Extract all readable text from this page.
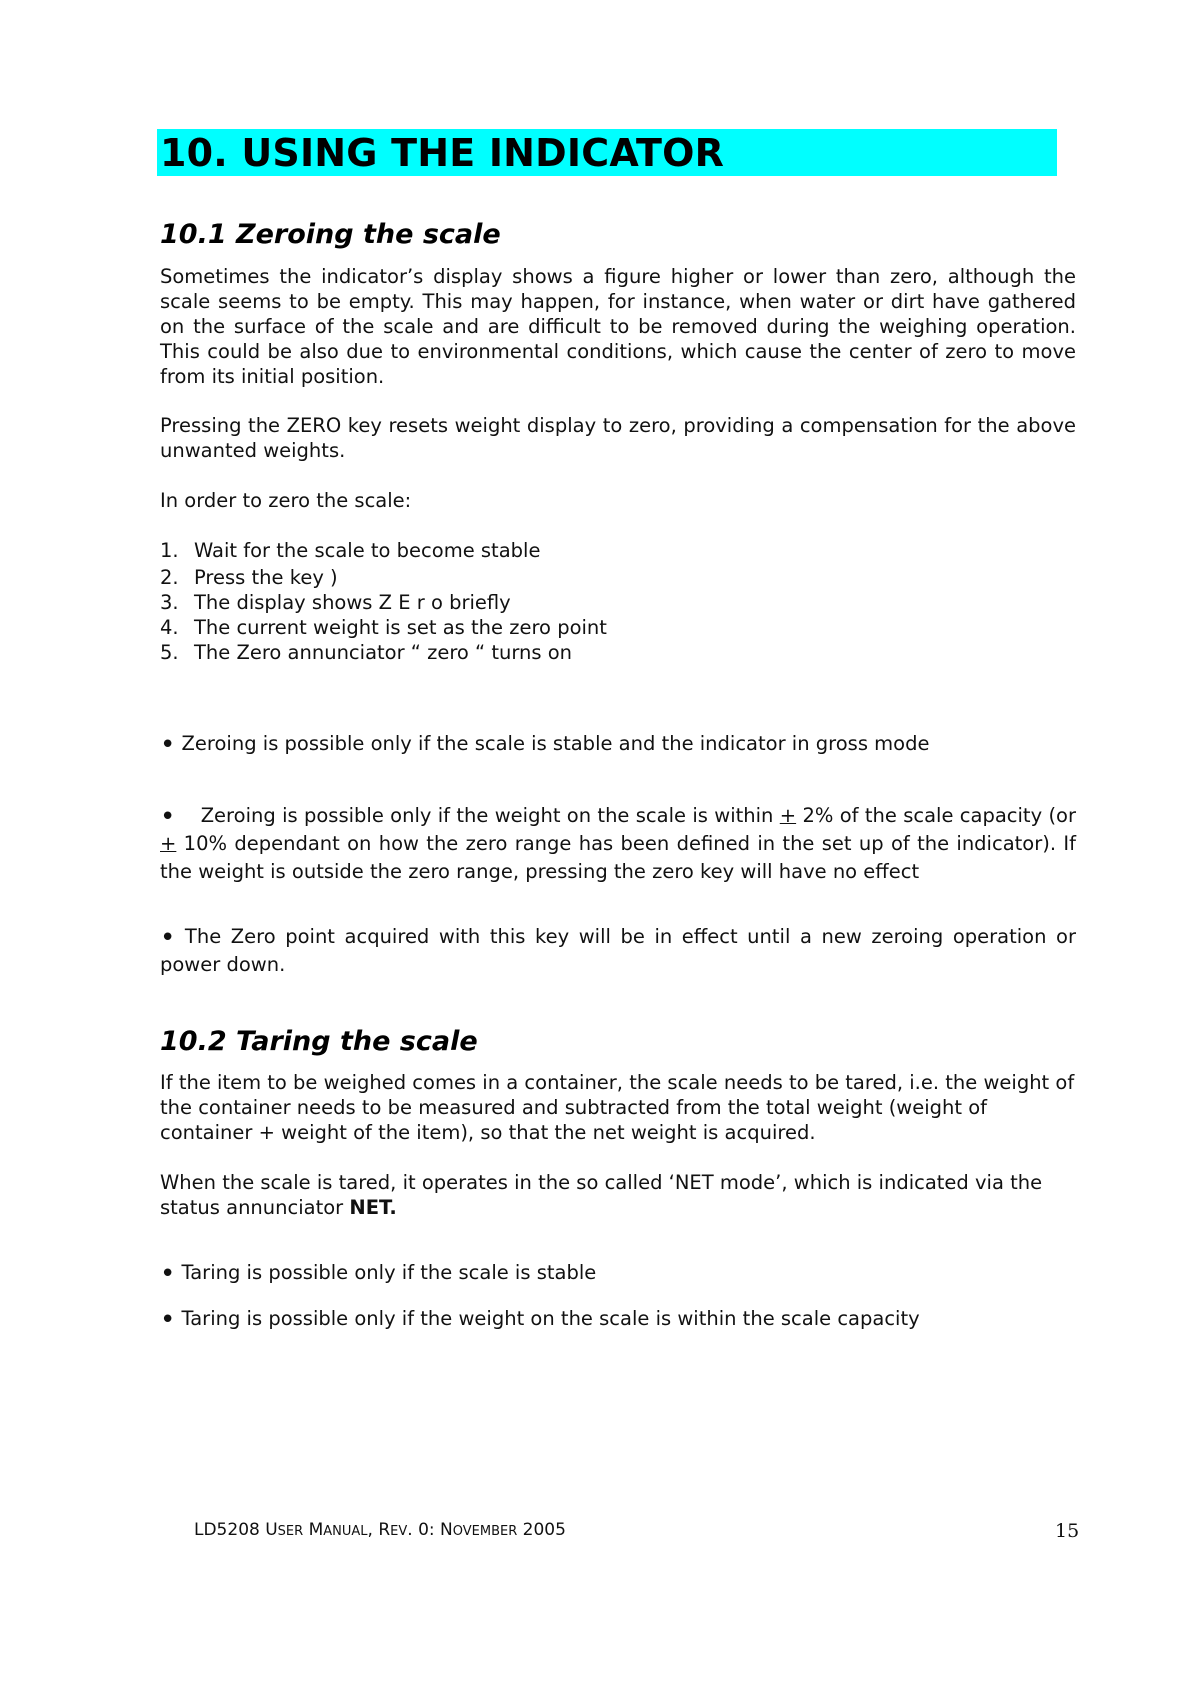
10. USING THE INDICATOR
10.1 Zeroing the scale

Sometimes the indicator’s display shows a figure higher or lower than zero, although the scale seems to be empty. This may happen, for instance, when water or dirt have gathered on the surface of the scale and are difficult to be removed during the weighing operation. This could be also due to environmental conditions, which cause the center of zero to move from its initial position.

Pressing the ZERO key resets weight display to zero, providing a compensation for the above unwanted weights.

In order to zero the scale:

1. Wait for the scale to become stable

2. Press the key )

3. The display shows Z E r o briefly

4. The current weight is set as the zero point

5. The Zero annunciator “ zero “ turns on

• Zeroing is possible only if the scale is stable and the indicator in gross mode

• Zeroing is possible only if the weight on the scale is within + 2% of the scale capacity (or + 10% dependant on how the zero range has been defined in the set up of the indicator). If the weight is outside the zero range, pressing the zero key will have no effect

• The Zero point acquired with this key will be in effect until a new zeroing operation or power down.

10.2 Taring the scale

If the item to be weighed comes in a container, the scale needs to be tared, i.e. the weight of the container needs to be measured and subtracted from the total weight (weight of container + weight of the item), so that the net weight is acquired.

When the scale is tared, it operates in the so called ‘NET mode’, which is indicated via the status annunciator NET.

• Taring is possible only if the scale is stable

• Taring is possible only if the weight on the scale is within the scale capacity

LD5208 USER MANUAL, REV. 0: NOVEMBER 2005	15
